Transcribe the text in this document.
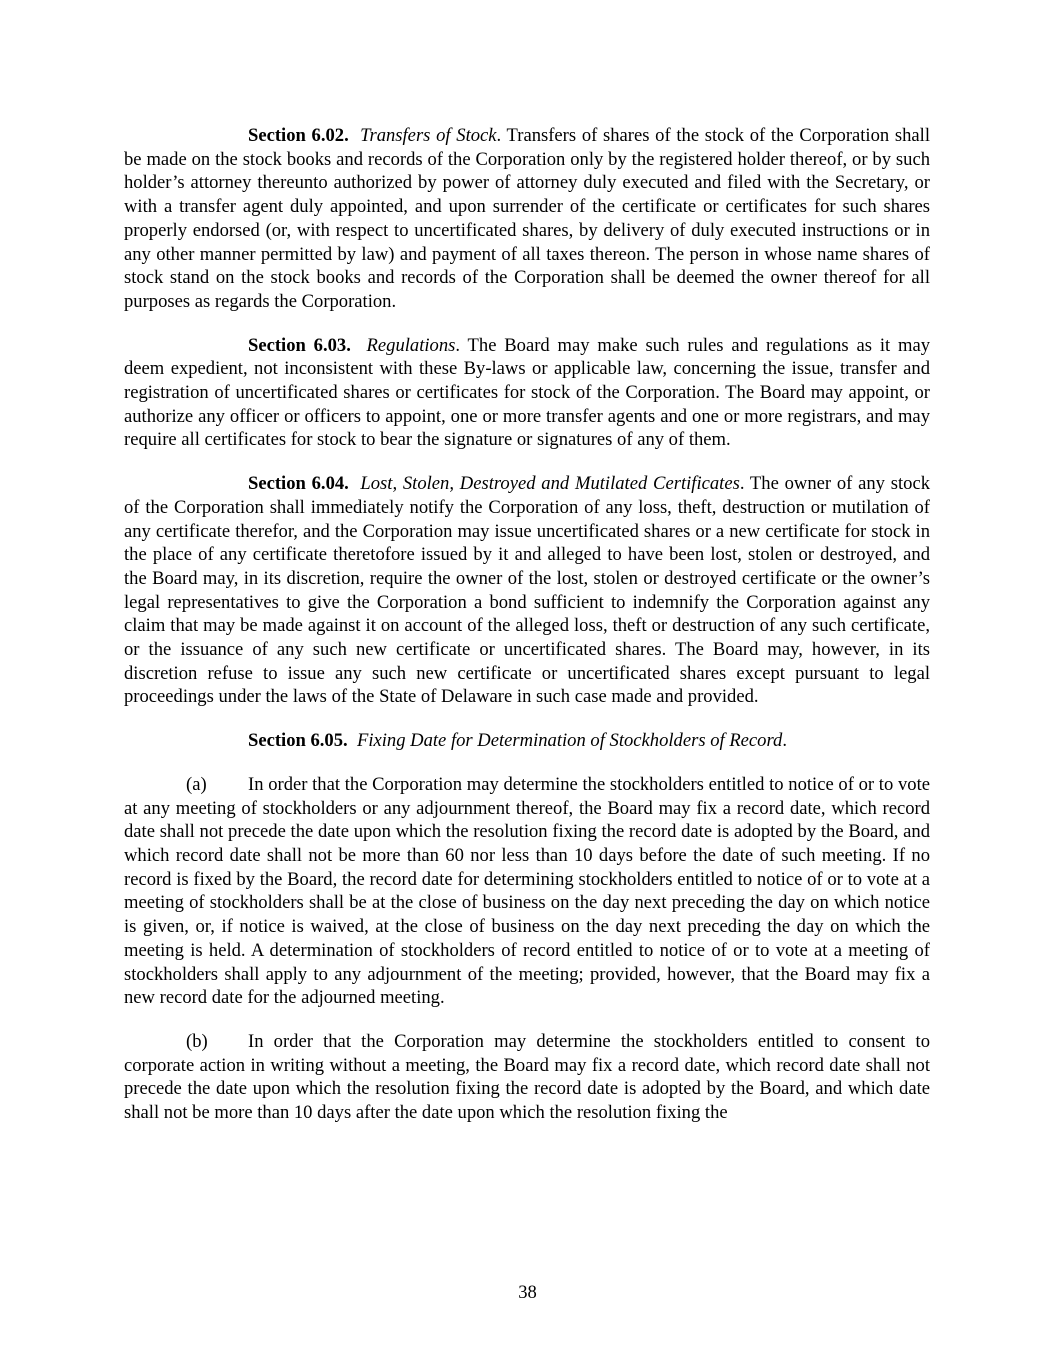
Section 6.02. Transfers of Stock. Transfers of shares of the stock of the Corporation shall be made on the stock books and records of the Corporation only by the registered holder thereof, or by such holder’s attorney thereunto authorized by power of attorney duly executed and filed with the Secretary, or with a transfer agent duly appointed, and upon surrender of the certificate or certificates for such shares properly endorsed (or, with respect to uncertificated shares, by delivery of duly executed instructions or in any other manner permitted by law) and payment of all taxes thereon. The person in whose name shares of stock stand on the stock books and records of the Corporation shall be deemed the owner thereof for all purposes as regards the Corporation.

Section 6.03. Regulations. The Board may make such rules and regulations as it may deem expedient, not inconsistent with these By-laws or applicable law, concerning the issue, transfer and registration of uncertificated shares or certificates for stock of the Corporation. The Board may appoint, or authorize any officer or officers to appoint, one or more transfer agents and one or more registrars, and may require all certificates for stock to bear the signature or signatures of any of them.

Section 6.04. Lost, Stolen, Destroyed and Mutilated Certificates. The owner of any stock of the Corporation shall immediately notify the Corporation of any loss, theft, destruction or mutilation of any certificate therefor, and the Corporation may issue uncertificated shares or a new certificate for stock in the place of any certificate theretofore issued by it and alleged to have been lost, stolen or destroyed, and the Board may, in its discretion, require the owner of the lost, stolen or destroyed certificate or the owner’s legal representatives to give the Corporation a bond sufficient to indemnify the Corporation against any claim that may be made against it on account of the alleged loss, theft or destruction of any such certificate, or the issuance of any such new certificate or uncertificated shares. The Board may, however, in its discretion refuse to issue any such new certificate or uncertificated shares except pursuant to legal proceedings under the laws of the State of Delaware in such case made and provided.

Section 6.05. Fixing Date for Determination of Stockholders of Record.

(a) In order that the Corporation may determine the stockholders entitled to notice of or to vote at any meeting of stockholders or any adjournment thereof, the Board may fix a record date, which record date shall not precede the date upon which the resolution fixing the record date is adopted by the Board, and which record date shall not be more than 60 nor less than 10 days before the date of such meeting. If no record is fixed by the Board, the record date for determining stockholders entitled to notice of or to vote at a meeting of stockholders shall be at the close of business on the day next preceding the day on which notice is given, or, if notice is waived, at the close of business on the day next preceding the day on which the meeting is held. A determination of stockholders of record entitled to notice of or to vote at a meeting of stockholders shall apply to any adjournment of the meeting; provided, however, that the Board may fix a new record date for the adjourned meeting.

(b) In order that the Corporation may determine the stockholders entitled to consent to corporate action in writing without a meeting, the Board may fix a record date, which record date shall not precede the date upon which the resolution fixing the record date is adopted by the Board, and which date shall not be more than 10 days after the date upon which the resolution fixing the

38
